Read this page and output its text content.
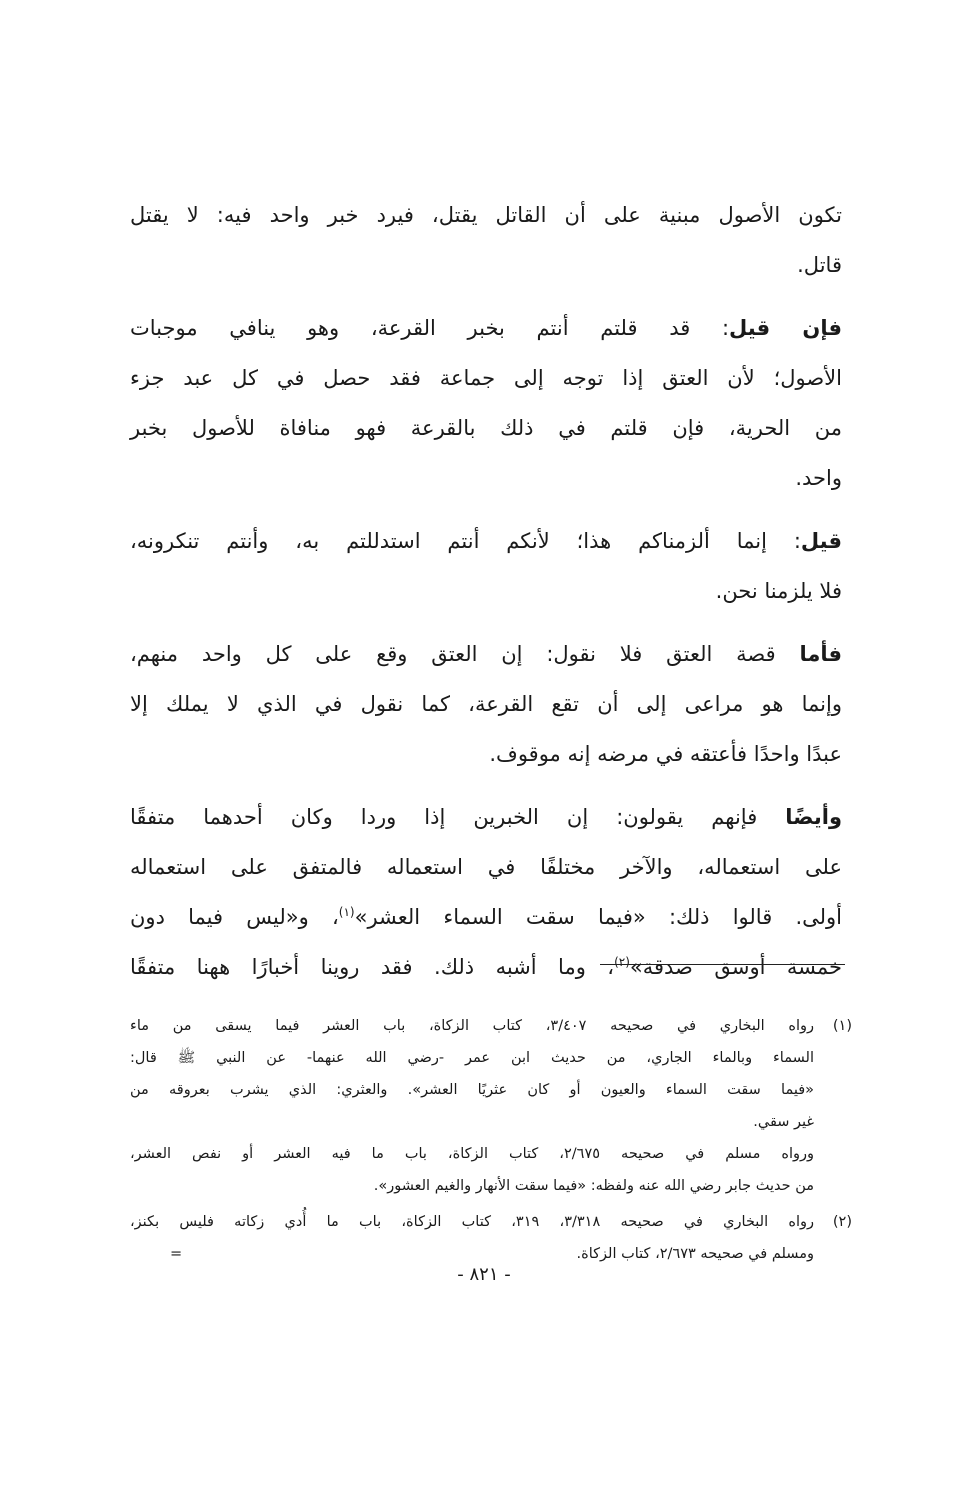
تكون الأصول مبنية على أن القاتل يقتل، فيرد خبر واحد فيه: لا يقتل
قاتل.
فإن قيل: قد قلتم أنتم بخبر القرعة، وهو ينافي موجبات
الأصول؛ لأن العتق إذا توجه إلى جماعة فقد حصل في كل عبد جزء
من الحرية، فإن قلتم في ذلك بالقرعة فهو منافاة للأصول بخبر
واحد.
قيل: إنما ألزمناكم هذا؛ لأنكم أنتم استدللتم به، وأنتم تنكرونه،
فلا يلزمنا نحن.
فأما قصة العتق فلا نقول: إن العتق وقع على كل واحد منهم،
وإنما هو مراعى إلى أن تقع القرعة، كما نقول في الذي لا يملك إلا
عبدًا واحدًا فأعتقه في مرضه إنه موقوف.
وأيضًا فإنهم يقولون: إن الخبرين إذا وردا وكان أحدهما متفقًا
على استعماله، والآخر مختلفًا في استعماله فالمتفق على استعماله
أولى. قالوا ذلك: «فيما سقت السماء العشر»$^{(١)}$، و«ليس فيما دون
خمسة أوسق صدقة»$^{(٢)}$، وما أشبه ذلك. فقد روينا أخبارًا ههنا متفقًا
(١)
رواه البخاري في صحيحه ٣/٤٠٧، كتاب الزكاة، باب العشر فيما يسقى من ماء
السماء وبالماء الجاري، من حديث ابن عمر -رضي الله عنهما- عن النبي ﷺ قال:
«فيما سقت السماء والعيون أو كان عثريًا العشر». والعثري: الذي يشرب بعروقه من
غير سقي.
ورواه مسلم في صحيحه ٢/٦٧٥، كتاب الزكاة، باب ما فيه العشر أو نفص العشر،
من حديث جابر رضي الله عنه ولفظه: «فيما سقت الأنهار والغيم العشور».
(٢)
رواه البخاري في صحيحه ٣/٣١٨، ٣١٩، كتاب الزكاة، باب ما أُدي زكاته فليس بكنز،
ومسلم في صحيحه ٢/٦٧٣، كتاب الزكاة.
=
- ٨٢١ -
